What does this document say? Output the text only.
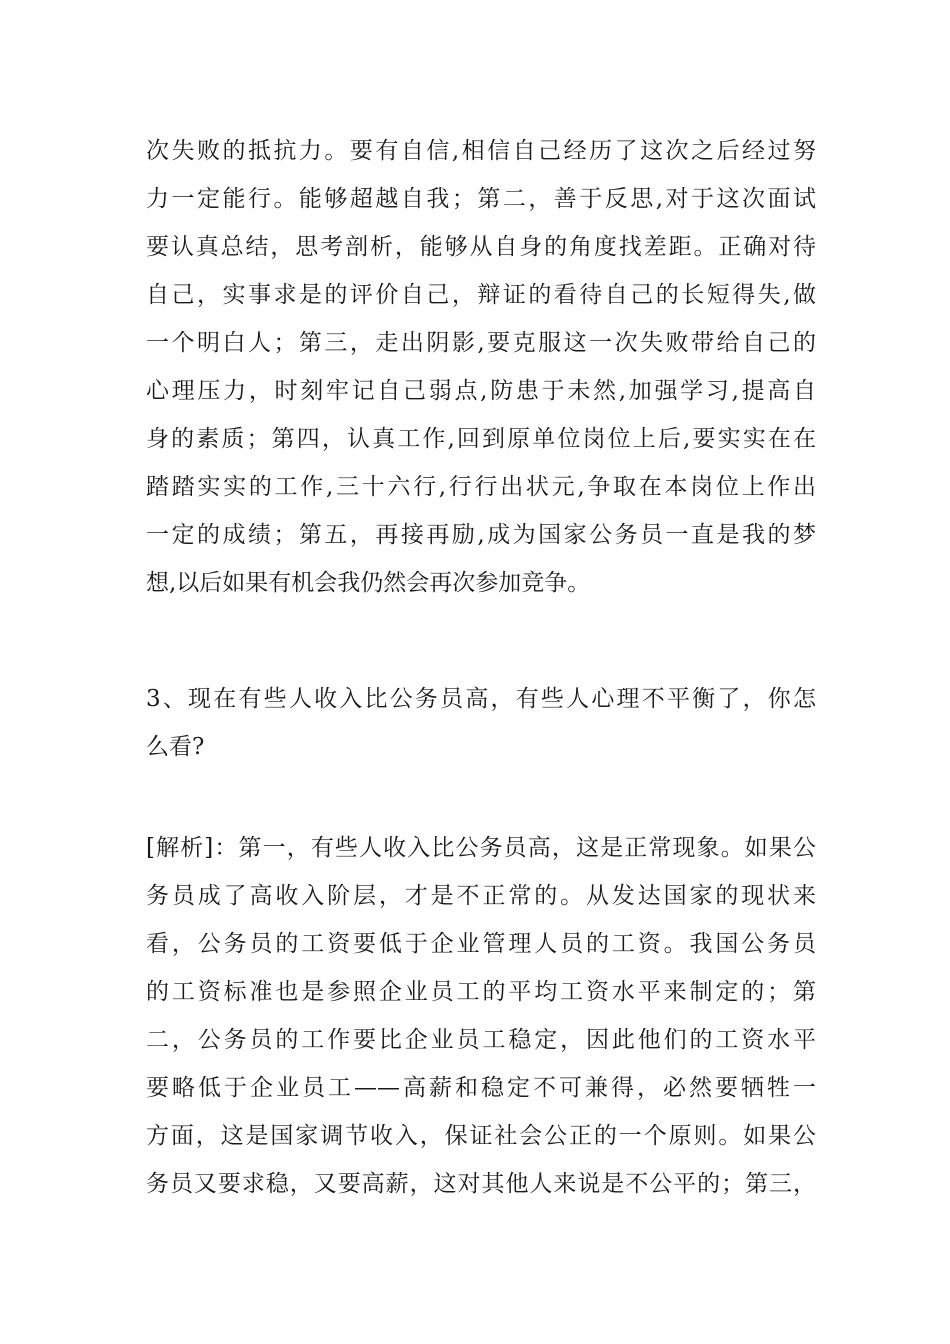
次失败的抵抗力。要有自信,相信自己经历了这次之后经过努
力一定能行。能够超越自我；第二，善于反思,对于这次面试
要认真总结，思考剖析，能够从自身的角度找差距。正确对待
自己，实事求是的评价自己，辩证的看待自己的长短得失,做
一个明白人；第三，走出阴影,要克服这一次失败带给自己的
心理压力，时刻牢记自己弱点,防患于未然,加强学习,提高自
身的素质；第四，认真工作,回到原单位岗位上后,要实实在在
踏踏实实的工作,三十六行,行行出状元,争取在本岗位上作出
一定的成绩；第五，再接再励,成为国家公务员一直是我的梦
想,以后如果有机会我仍然会再次参加竞争。
3、现在有些人收入比公务员高，有些人心理不平衡了，你怎
么看?
[解析]：第一，有些人收入比公务员高，这是正常现象。如果公
务员成了高收入阶层，才是不正常的。从发达国家的现状来
看，公务员的工资要低于企业管理人员的工资。我国公务员
的工资标准也是参照企业员工的平均工资水平来制定的；第
二，公务员的工作要比企业员工稳定，因此他们的工资水平
要略低于企业员工——高薪和稳定不可兼得，必然要牺牲一
方面，这是国家调节收入，保证社会公正的一个原则。如果公
务员又要求稳，又要高薪，这对其他人来说是不公平的；第三，
